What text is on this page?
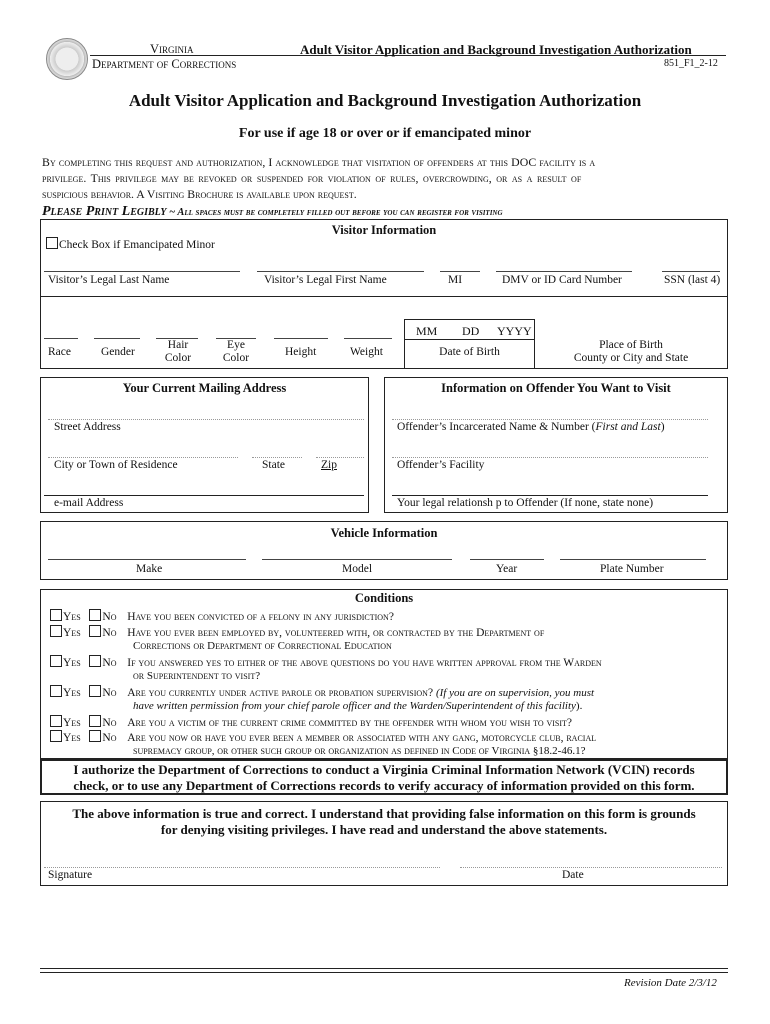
Virginia
Department of Corrections
Adult Visitor Application and Background Investigation Authorization
851_F1_2-12
Adult Visitor Application and Background Investigation Authorization
For use if age 18 or over or if emancipated minor
By completing this request and authorization, I acknowledge that visitation of offenders at this DOC facility is a
privilege. This privilege may be revoked or suspended for violation of rules, overcrowding, or as a result of
suspicious behavior. A Visiting Brochure is available upon request.
Please Print Legibly ~ All spaces must be completely filled out before you can register for visiting
Visitor Information
Check Box if Emancipated Minor
Visitor’s Legal Last Name	Visitor’s Legal First Name	MI	DMV or ID Card Number	SSN (last 4)
Race	Gender
Hair
Color
Eye
Color	Height	Weight
MM DD YYYY
Date of Birth
Place of Birth
County or City and State
Your Current Mailing Address	Information on Offender You Want to Visit
Street Address
City or Town of Residence	State	Zip
e-mail Address
Offender’s Incarcerated Name & Number (First and Last)
Offender’s Facility
Your legal relationsh p to Offender (If none, state none)
Vehicle Information
Make	Model	Year	Plate Number
Conditions
Yes No Have you been convicted of a felony in any jurisdiction?
Yes No Have you ever been employed by, volunteered with, or contracted by the Department of
Corrections or Department of Correctional Education
Yes No If you answered yes to either of the above questions do you have written approval from the Warden
or Superintendent to visit?
Yes No Are you currently under active parole or probation supervision? (If you are on supervision, you must
have written permission from your chief parole officer and the Warden/Superintendent of this facility).
Yes No Are you a victim of the current crime committed by the offender with whom you wish to visit?
Yes No Are you now or have you ever been a member or associated with any gang, motorcycle club, racial
supremacy group, or other such group or organization as defined in Code of Virginia §18.2-46.1?
I authorize the Department of Corrections to conduct a Virginia Criminal Information Network (VCIN) records
check, or to use any Department of Corrections records to verify accuracy of information provided on this form.
The above information is true and correct. I understand that providing false information on this form is grounds
for denying visiting privileges. I have read and understand the above statements.
Signature	Date
Revision Date 2/3/12
